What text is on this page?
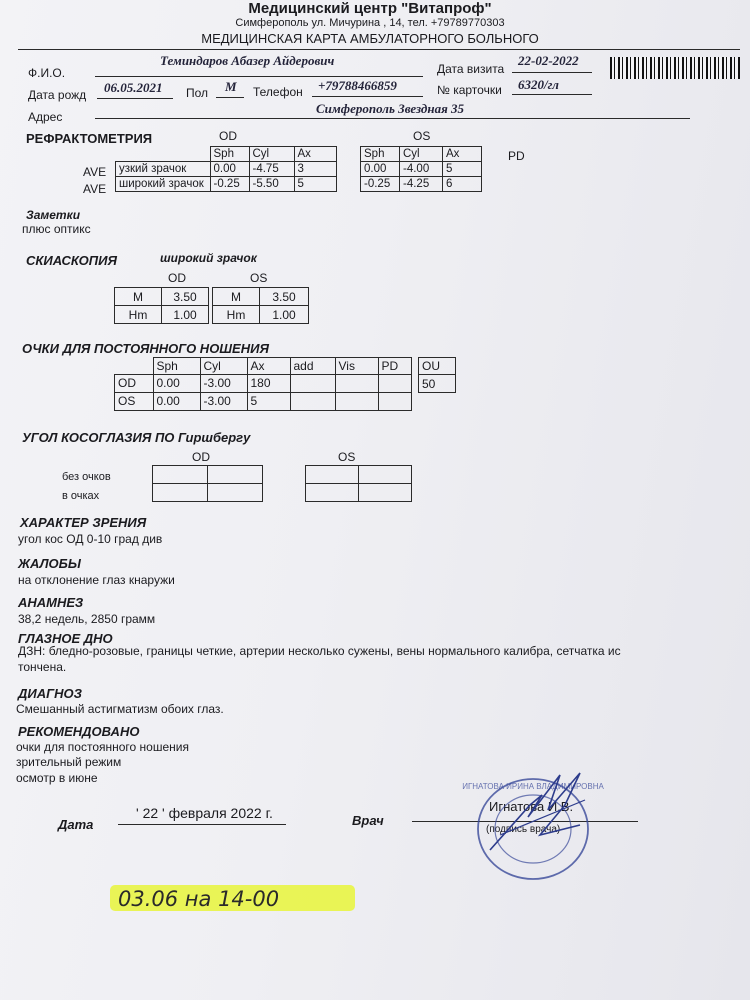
Медицинский центр "Витапроф"
Симферополь ул. Мичурина , 14, тел. +79789770303
МЕДИЦИНСКАЯ КАРТА АМБУЛАТОРНОГО БОЛЬНОГО
Ф.И.О.
Теминдаров Абазер Айдерович
Дата визита
22-02-2022
Дата рожд 06.05.2021 Пол М Телефон +79788466859	№ карточки 6320/гл
Адрес
Симферополь Звездная 35
РЕФРАКТОМЕТРИЯ	OD	OS
PD
AVE
AVE
	Sph	Cyl	Ax
узкий зрачок	0.00	-4.75	3
широкий зрачок	-0.25	-5.50	5
Sph	Cyl	Ax
0.00	-4.00	5
-0.25	-4.25	6
Заметки
плюс оптикс
СКИАСКОПИЯ	широкий зрачок
OD	OS
M	3.50
Hm	1.00
M	3.50
Hm	1.00
ОЧКИ ДЛЯ ПОСТОЯННОГО НОШЕНИЯ
	Sph	Cyl	Ax	add	Vis	PD
OD	0.00	-3.00	180			
OS	0.00	-3.00	5			
OU
50
УГОЛ КОСОГЛАЗИЯ ПО Гиршбергу
OD	OS
без очков
в очках

ХАРАКТЕР ЗРЕНИЯ
угол кос ОД 0-10 град див
ЖАЛОБЫ
на отклонение глаз кнаружи
АНАМНЕЗ
38,2 недель, 2850 грамм
ГЛАЗНОЕ ДНО
ДЗН: бледно-розовые, границы четкие, артерии несколько сужены, вены нормального калибра, сетчатка ис
тончена.
ДИАГНОЗ
Смешанный астигматизм обоих глаз.
РЕКОМЕНДОВАНО
очки для постоянного ношения
зрительный режим
осмотр в июне
Дата
' 22 ' февраля 2022 г.	Врач
Игнатова И.В.
(подпись врача)
ИГНАТОВА ИРИНА ВЛАДИМИРОВНА
03.06 на 14-00
